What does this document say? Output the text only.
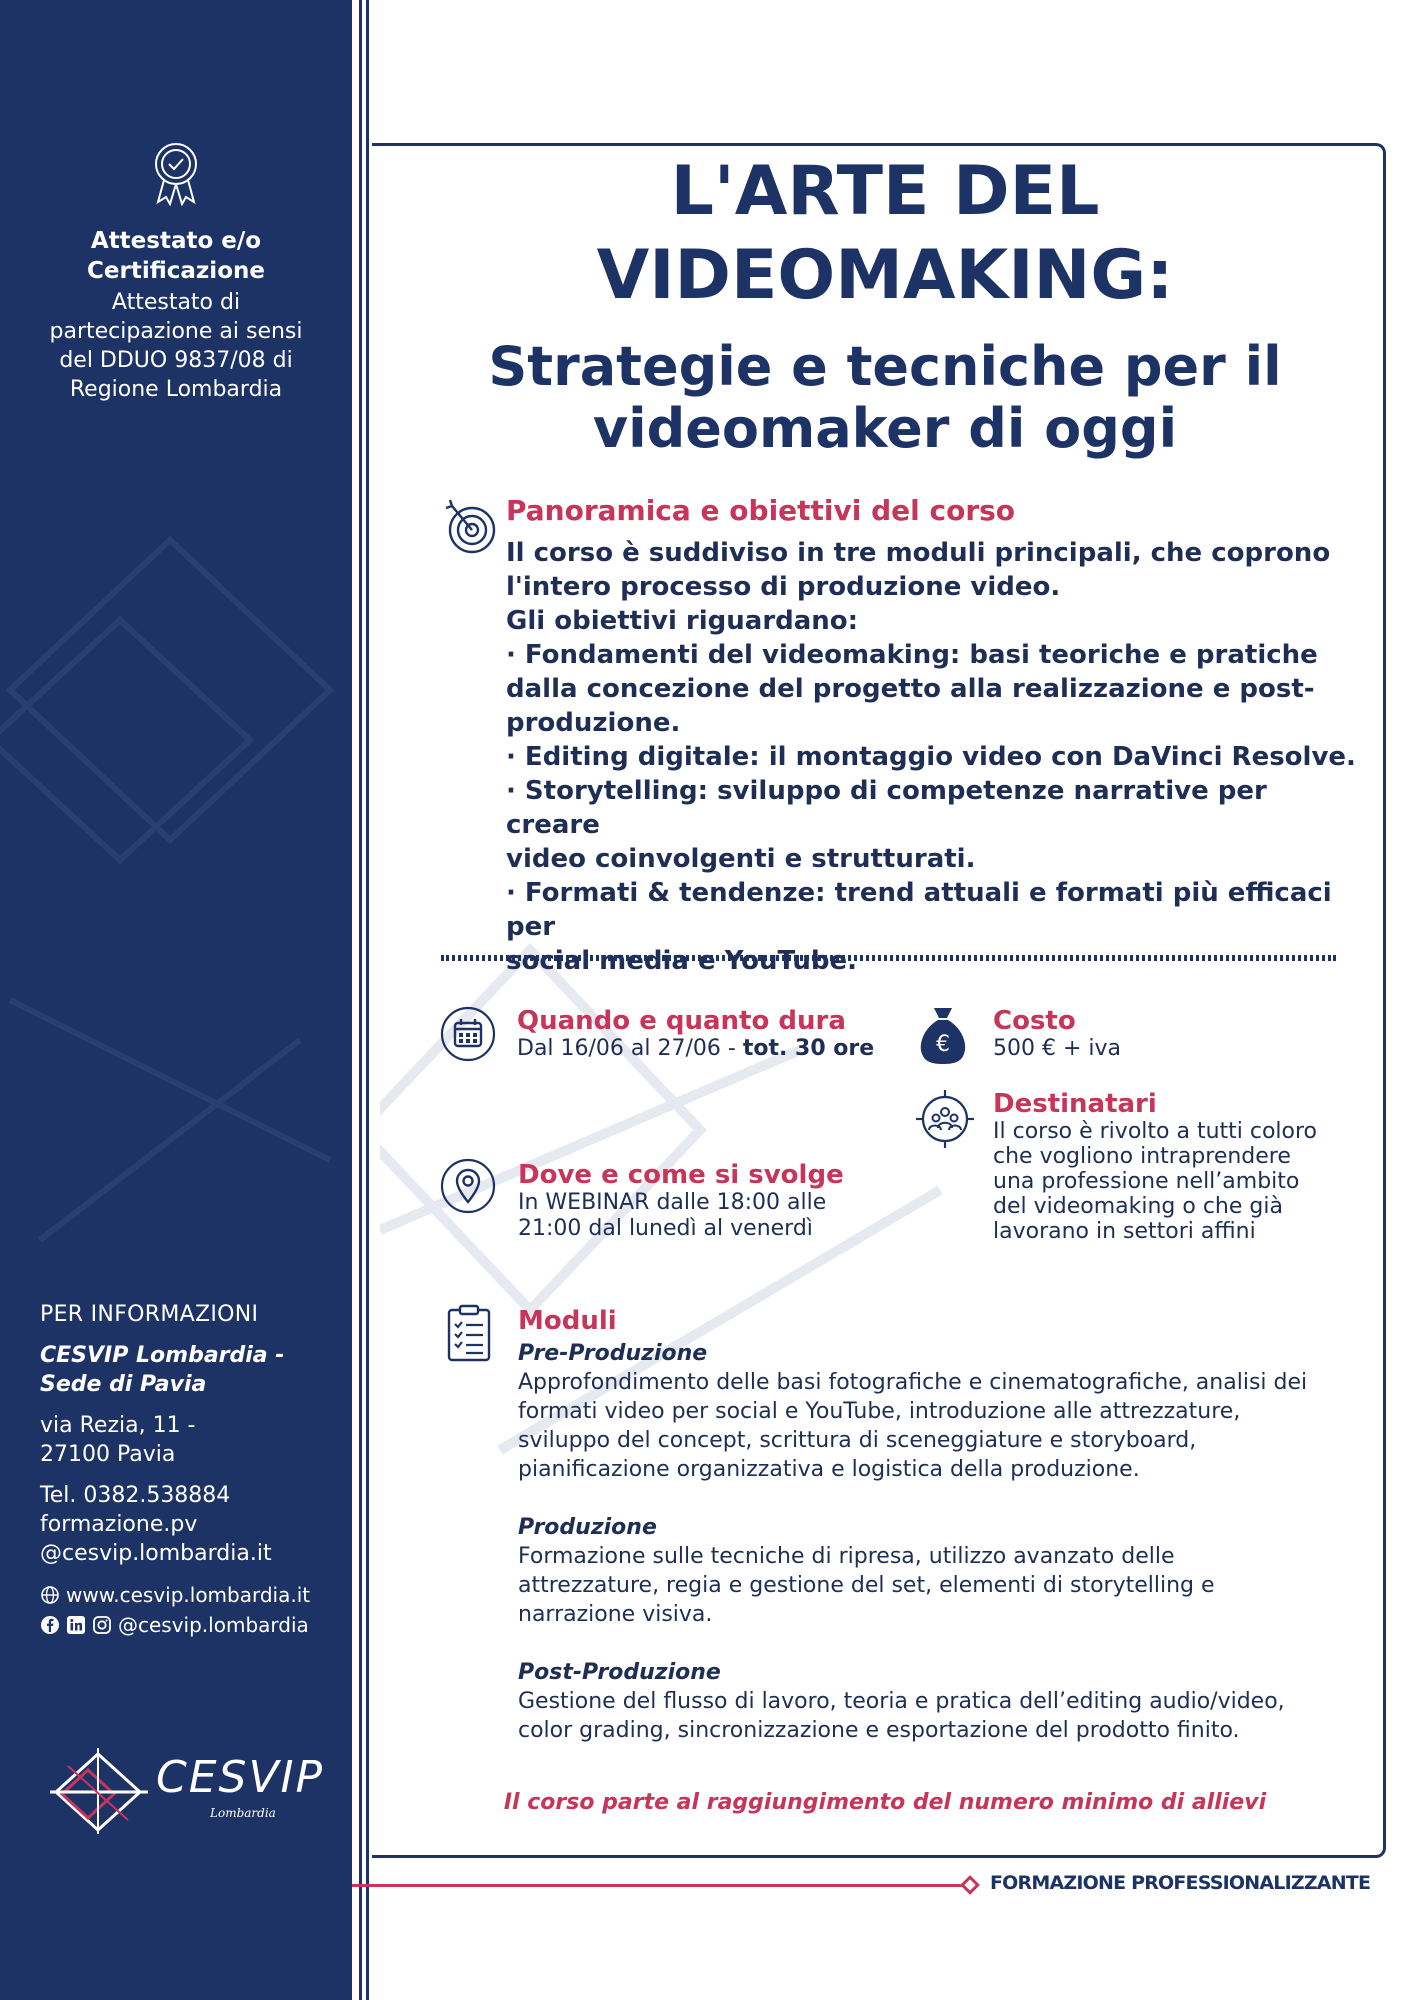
Attestato e/o
Certificazione
Attestato di
partecipazione ai sensi
del DDUO 9837/08 di
Regione Lombardia
PER INFORMAZIONI
CESVIP Lombardia -
Sede di Pavia
via Rezia, 11 -
27100 Pavia
Tel. 0382.538884
formazione.pv
@cesvip.lombardia.it
www.cesvip.lombardia.it
@cesvip.lombardia
CESVIP
Lombardia
L'ARTE DEL
VIDEOMAKING:
Strategie e tecniche per il
videomaker di oggi
Panoramica e obiettivi del corso
Il corso è suddiviso in tre moduli principali, che coprono
l'intero processo di produzione video.
Gli obiettivi riguardano:
· Fondamenti del videomaking: basi teoriche e pratiche
dalla concezione del progetto alla realizzazione e post-
produzione.
· Editing digitale: il montaggio video con DaVinci Resolve.
· Storytelling: sviluppo di competenze narrative per creare
video coinvolgenti e strutturati.
· Formati & tendenze: trend attuali e formati più efficaci per
social media e YouTube.
Quando e quanto dura
Dal 16/06 al 27/06 - tot. 30 ore	€
Costo
500 € + iva
Destinatari
Il corso è rivolto a tutti coloro
che vogliono intraprendere
una professione nell’ambito
del videomaking o che già
lavorano in settori affini
Dove e come si svolge
In WEBINAR dalle 18:00 alle
21:00 dal lunedì al venerdì
Moduli
Pre-Produzione
Approfondimento delle basi fotografiche e cinematografiche, analisi dei
formati video per social e YouTube, introduzione alle attrezzature,
sviluppo del concept, scrittura di sceneggiature e storyboard,
pianificazione organizzativa e logistica della produzione.
Produzione
Formazione sulle tecniche di ripresa, utilizzo avanzato delle
attrezzature, regia e gestione del set, elementi di storytelling e
narrazione visiva.
Post-Produzione
Gestione del flusso di lavoro, teoria e pratica dell’editing audio/video,
color grading, sincronizzazione e esportazione del prodotto finito.
Il corso parte al raggiungimento del numero minimo di allievi
FORMAZIONE PROFESSIONALIZZANTE
